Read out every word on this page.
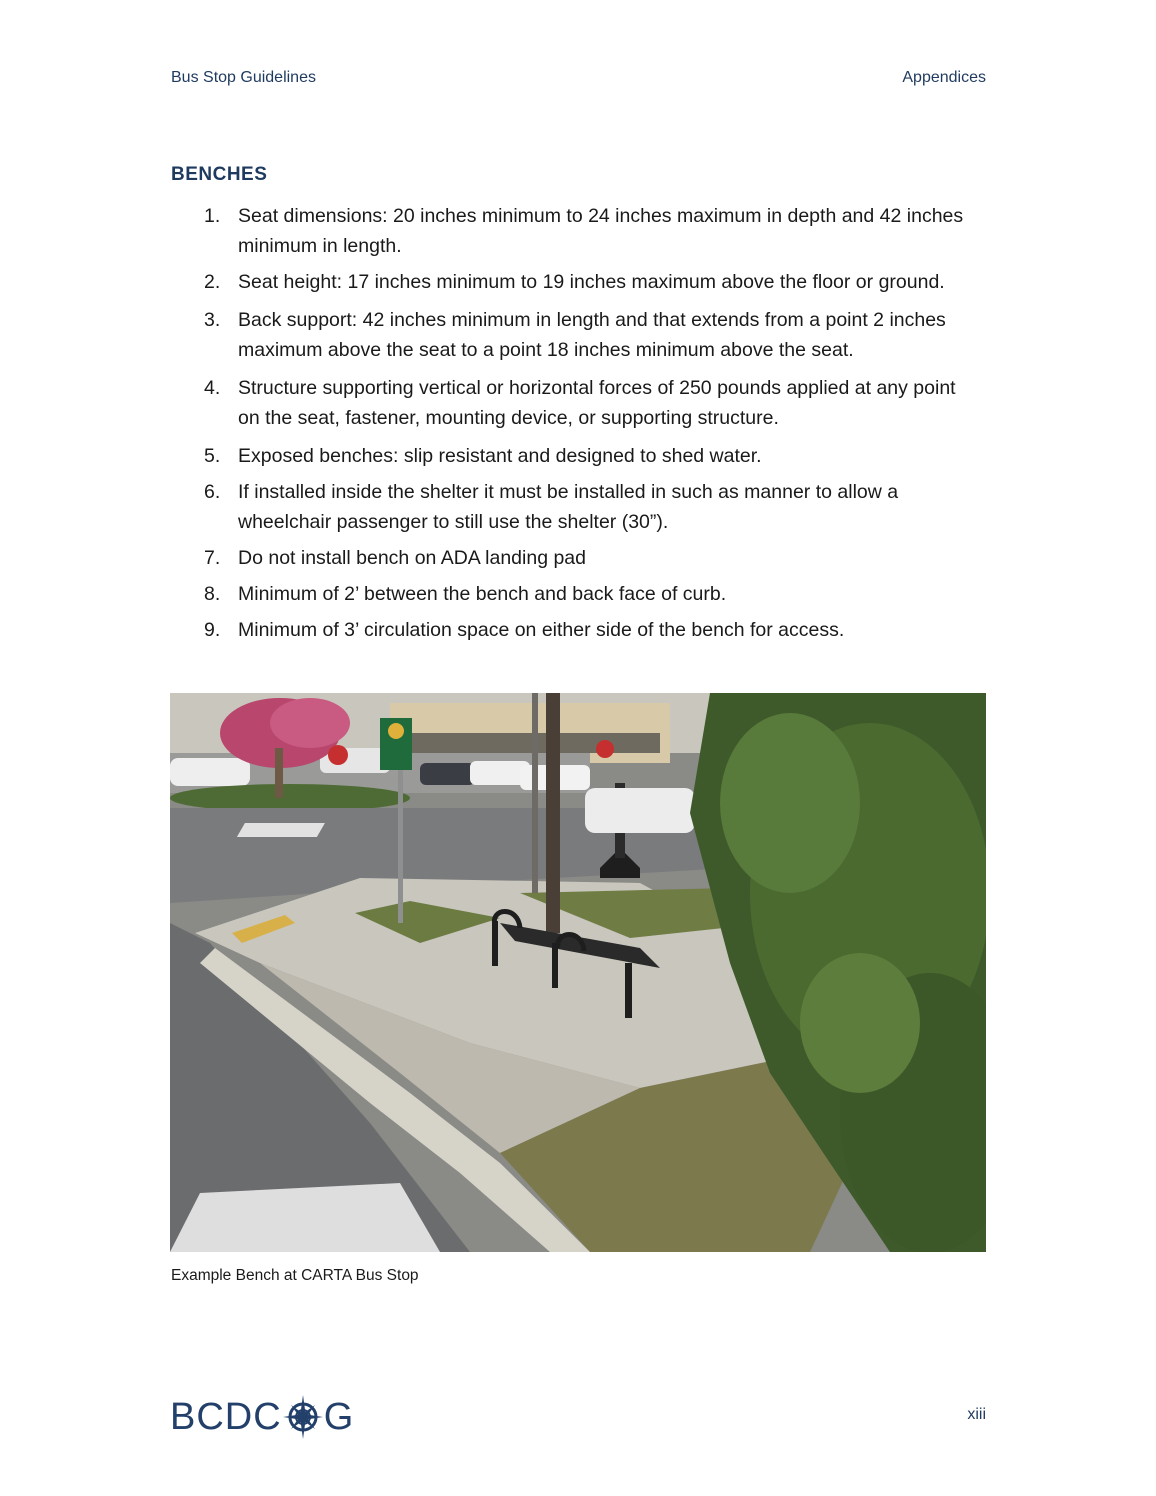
Bus Stop Guidelines	Appendices
BENCHES
1. Seat dimensions: 20 inches minimum to 24 inches maximum in depth and 42 inches minimum in length.
2. Seat height: 17 inches minimum to 19 inches maximum above the floor or ground.
3. Back support: 42 inches minimum in length and that extends from a point 2 inches maximum above the seat to a point 18 inches minimum above the seat.
4. Structure supporting vertical or horizontal forces of 250 pounds applied at any point on the seat, fastener, mounting device, or supporting structure.
5. Exposed benches: slip resistant and designed to shed water.
6. If installed inside the shelter it must be installed in such as manner to allow a wheelchair passenger to still use the shelter (30”).
7. Do not install bench on ADA landing pad
8. Minimum of 2’ between the bench and back face of curb.
9. Minimum of 3’ circulation space on either side of the bench for access.
Example Bench at CARTA Bus Stop
BCDC G	xiii
